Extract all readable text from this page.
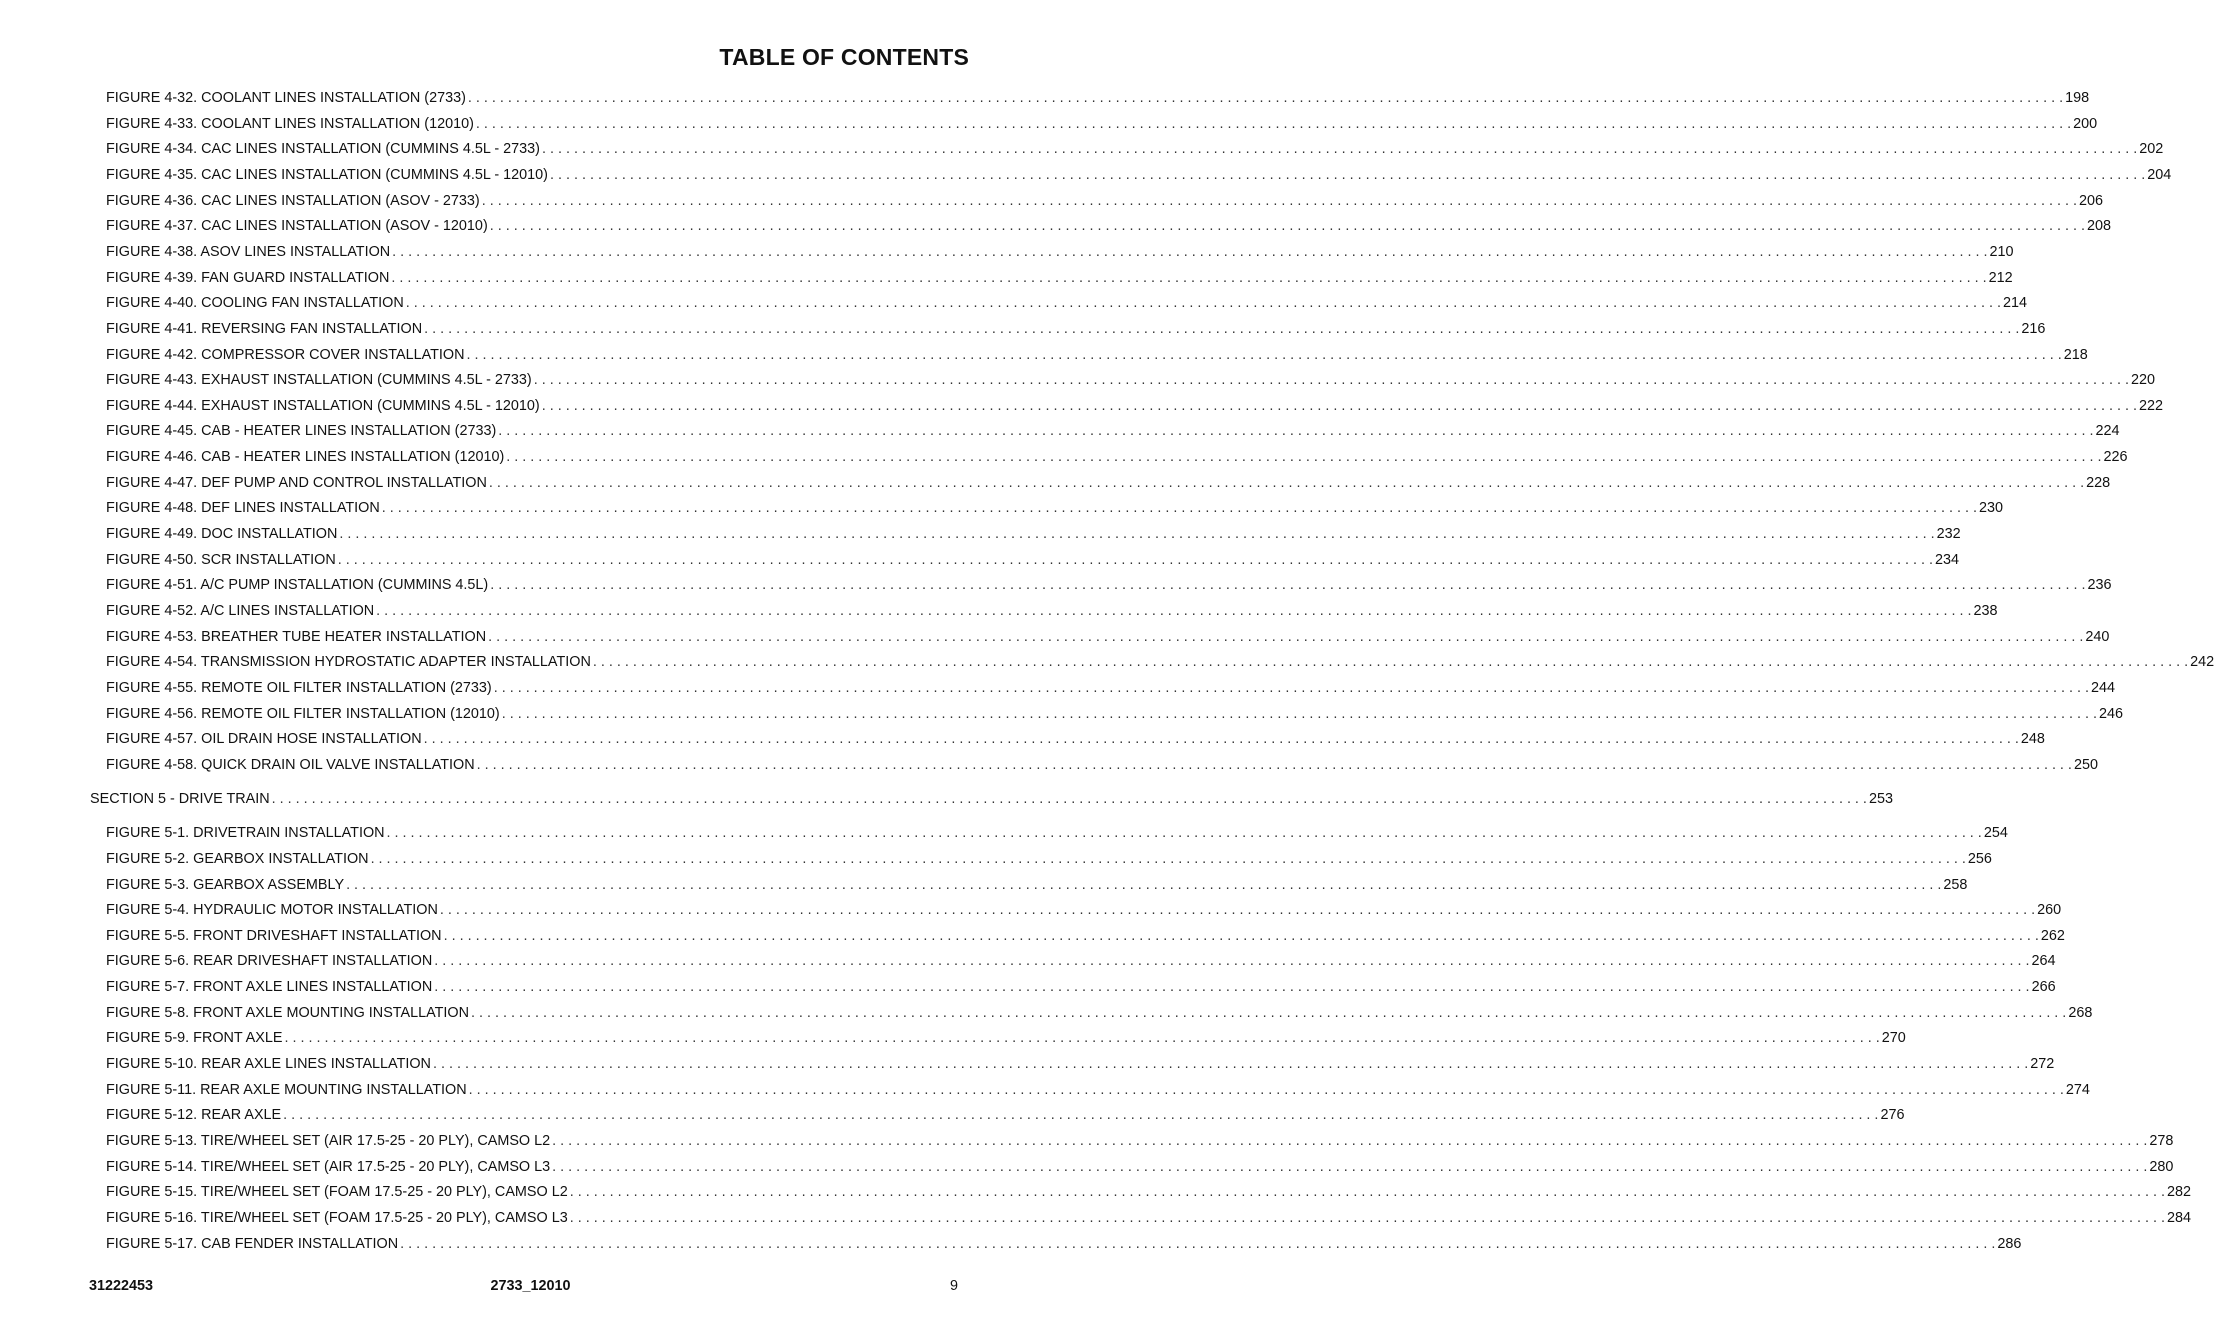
TABLE OF CONTENTS
FIGURE 4-32. COOLANT LINES INSTALLATION (2733) . . . . . . . . . . . . . . . . . . . . . . . . . . . . . . . . . . . . . . . . . . . . . . . . . . . . . . . . . . . . . . . . . . . . . . . . . . . . . . . . . . . . . . . . . . . . . . . . . . . . . . . . . . . . . . . . . . . . . . . . . . . . . . . . . . . . . . . . . . . . . . . . . . . . . . . . . . . . . . . . . . . . . . . . . . . . . . . . . . . . . . . . . . . . . . . . . . . . . . . . 198
FIGURE 4-33. COOLANT LINES INSTALLATION (12010) . . . . . . . . . . . . . . . . . . . . . . . . . . . . . . . . . . . . . . . . . . . . . . . . . . . . . . . . . . . . . . . . . . . . . . . . . . . . . . . . . . . . . . . . . . . . . . . . . . . . . . . . . . . . . . . . . . . . . . . . . . . . . . . . . . . . . . . . . . . . . . . . . . . . . . . . . . . . . . . . . . . . . . . . . . . . . . . . . . . . . . . . . . . . . . . . . . . . . . . . 200
FIGURE 4-34. CAC LINES INSTALLATION (CUMMINS 4.5L - 2733) . . . . . . . . . . . . . . . . . . . . . . . . . . . . . . . . . . . . . . . . . . . . . . . . . . . . . . . . . . . . . . . . . . . . . . . . . . . . . . . . . . . . . . . . . . . . . . . . . . . . . . . . . . . . . . . . . . . . . . . . . . . . . . . . . . . . . . . . . . . . . . . . . . . . . . . . . . . . . . . . . . . . . . . . . . . . . . . . . . . . . . . . . . . . . . . . . . . . . . . . 202
FIGURE 4-35. CAC LINES INSTALLATION (CUMMINS 4.5L - 12010) . . . . . . . . . . . . . . . . . . . . . . . . . . . . . . . . . . . . . . . . . . . . . . . . . . . . . . . . . . . . . . . . . . . . . . . . . . . . . . . . . . . . . . . . . . . . . . . . . . . . . . . . . . . . . . . . . . . . . . . . . . . . . . . . . . . . . . . . . . . . . . . . . . . . . . . . . . . . . . . . . . . . . . . . . . . . . . . . . . . . . . . . . . . . . . . . . . . . . . . . 204
FIGURE 4-36. CAC LINES INSTALLATION (ASOV - 2733) . . . . . . . . . . . . . . . . . . . . . . . . . . . . . . . . . . . . . . . . . . . . . . . . . . . . . . . . . . . . . . . . . . . . . . . . . . . . . . . . . . . . . . . . . . . . . . . . . . . . . . . . . . . . . . . . . . . . . . . . . . . . . . . . . . . . . . . . . . . . . . . . . . . . . . . . . . . . . . . . . . . . . . . . . . . . . . . . . . . . . . . . . . . . . . . . . . . . . . . . 206
FIGURE 4-37. CAC LINES INSTALLATION (ASOV - 12010) . . . . . . . . . . . . . . . . . . . . . . . . . . . . . . . . . . . . . . . . . . . . . . . . . . . . . . . . . . . . . . . . . . . . . . . . . . . . . . . . . . . . . . . . . . . . . . . . . . . . . . . . . . . . . . . . . . . . . . . . . . . . . . . . . . . . . . . . . . . . . . . . . . . . . . . . . . . . . . . . . . . . . . . . . . . . . . . . . . . . . . . . . . . . . . . . . . . . . . . . 208
FIGURE 4-38. ASOV LINES INSTALLATION . . . . . . . . . . . . . . . . . . . . . . . . . . . . . . . . . . . . . . . . . . . . . . . . . . . . . . . . . . . . . . . . . . . . . . . . . . . . . . . . . . . . . . . . . . . . . . . . . . . . . . . . . . . . . . . . . . . . . . . . . . . . . . . . . . . . . . . . . . . . . . . . . . . . . . . . . . . . . . . . . . . . . . . . . . . . . . . . . . . . . . . . . . . . . . . . . . . . . . . . 210
FIGURE 4-39. FAN GUARD INSTALLATION . . . . . . . . . . . . . . . . . . . . . . . . . . . . . . . . . . . . . . . . . . . . . . . . . . . . . . . . . . . . . . . . . . . . . . . . . . . . . . . . . . . . . . . . . . . . . . . . . . . . . . . . . . . . . . . . . . . . . . . . . . . . . . . . . . . . . . . . . . . . . . . . . . . . . . . . . . . . . . . . . . . . . . . . . . . . . . . . . . . . . . . . . . . . . . . . . . . . . . . . 212
FIGURE 4-40. COOLING FAN INSTALLATION . . . . . . . . . . . . . . . . . . . . . . . . . . . . . . . . . . . . . . . . . . . . . . . . . . . . . . . . . . . . . . . . . . . . . . . . . . . . . . . . . . . . . . . . . . . . . . . . . . . . . . . . . . . . . . . . . . . . . . . . . . . . . . . . . . . . . . . . . . . . . . . . . . . . . . . . . . . . . . . . . . . . . . . . . . . . . . . . . . . . . . . . . . . . . . . . . . . . . . . . 214
FIGURE 4-41. REVERSING FAN INSTALLATION . . . . . . . . . . . . . . . . . . . . . . . . . . . . . . . . . . . . . . . . . . . . . . . . . . . . . . . . . . . . . . . . . . . . . . . . . . . . . . . . . . . . . . . . . . . . . . . . . . . . . . . . . . . . . . . . . . . . . . . . . . . . . . . . . . . . . . . . . . . . . . . . . . . . . . . . . . . . . . . . . . . . . . . . . . . . . . . . . . . . . . . . . . . . . . . . . . . . . . . . 216
FIGURE 4-42. COMPRESSOR COVER INSTALLATION . . . . . . . . . . . . . . . . . . . . . . . . . . . . . . . . . . . . . . . . . . . . . . . . . . . . . . . . . . . . . . . . . . . . . . . . . . . . . . . . . . . . . . . . . . . . . . . . . . . . . . . . . . . . . . . . . . . . . . . . . . . . . . . . . . . . . . . . . . . . . . . . . . . . . . . . . . . . . . . . . . . . . . . . . . . . . . . . . . . . . . . . . . . . . . . . . . . . . . . . 218
FIGURE 4-43. EXHAUST INSTALLATION (CUMMINS 4.5L - 2733) . . . . . . . . . . . . . . . . . . . . . . . . . . . . . . . . . . . . . . . . . . . . . . . . . . . . . . . . . . . . . . . . . . . . . . . . . . . . . . . . . . . . . . . . . . . . . . . . . . . . . . . . . . . . . . . . . . . . . . . . . . . . . . . . . . . . . . . . . . . . . . . . . . . . . . . . . . . . . . . . . . . . . . . . . . . . . . . . . . . . . . . . . . . . . . . . . . . . . . . . 220
FIGURE 4-44. EXHAUST INSTALLATION (CUMMINS 4.5L - 12010) . . . . . . . . . . . . . . . . . . . . . . . . . . . . . . . . . . . . . . . . . . . . . . . . . . . . . . . . . . . . . . . . . . . . . . . . . . . . . . . . . . . . . . . . . . . . . . . . . . . . . . . . . . . . . . . . . . . . . . . . . . . . . . . . . . . . . . . . . . . . . . . . . . . . . . . . . . . . . . . . . . . . . . . . . . . . . . . . . . . . . . . . . . . . . . . . . . . . . . . . 222
FIGURE 4-45. CAB - HEATER LINES INSTALLATION (2733) . . . . . . . . . . . . . . . . . . . . . . . . . . . . . . . . . . . . . . . . . . . . . . . . . . . . . . . . . . . . . . . . . . . . . . . . . . . . . . . . . . . . . . . . . . . . . . . . . . . . . . . . . . . . . . . . . . . . . . . . . . . . . . . . . . . . . . . . . . . . . . . . . . . . . . . . . . . . . . . . . . . . . . . . . . . . . . . . . . . . . . . . . . . . . . . . . . . . . . . . 224
FIGURE 4-46. CAB - HEATER LINES INSTALLATION (12010) . . . . . . . . . . . . . . . . . . . . . . . . . . . . . . . . . . . . . . . . . . . . . . . . . . . . . . . . . . . . . . . . . . . . . . . . . . . . . . . . . . . . . . . . . . . . . . . . . . . . . . . . . . . . . . . . . . . . . . . . . . . . . . . . . . . . . . . . . . . . . . . . . . . . . . . . . . . . . . . . . . . . . . . . . . . . . . . . . . . . . . . . . . . . . . . . . . . . . . . . 226
FIGURE 4-47. DEF PUMP AND CONTROL INSTALLATION . . . . . . . . . . . . . . . . . . . . . . . . . . . . . . . . . . . . . . . . . . . . . . . . . . . . . . . . . . . . . . . . . . . . . . . . . . . . . . . . . . . . . . . . . . . . . . . . . . . . . . . . . . . . . . . . . . . . . . . . . . . . . . . . . . . . . . . . . . . . . . . . . . . . . . . . . . . . . . . . . . . . . . . . . . . . . . . . . . . . . . . . . . . . . . . . . . . . . . . . 228
FIGURE 4-48. DEF LINES INSTALLATION . . . . . . . . . . . . . . . . . . . . . . . . . . . . . . . . . . . . . . . . . . . . . . . . . . . . . . . . . . . . . . . . . . . . . . . . . . . . . . . . . . . . . . . . . . . . . . . . . . . . . . . . . . . . . . . . . . . . . . . . . . . . . . . . . . . . . . . . . . . . . . . . . . . . . . . . . . . . . . . . . . . . . . . . . . . . . . . . . . . . . . . . . . . . . . . . . . . . . . . . 230
FIGURE 4-49. DOC INSTALLATION . . . . . . . . . . . . . . . . . . . . . . . . . . . . . . . . . . . . . . . . . . . . . . . . . . . . . . . . . . . . . . . . . . . . . . . . . . . . . . . . . . . . . . . . . . . . . . . . . . . . . . . . . . . . . . . . . . . . . . . . . . . . . . . . . . . . . . . . . . . . . . . . . . . . . . . . . . . . . . . . . . . . . . . . . . . . . . . . . . . . . . . . . . . . . . . . . . . . . . . . 232
FIGURE 4-50. SCR INSTALLATION . . . . . . . . . . . . . . . . . . . . . . . . . . . . . . . . . . . . . . . . . . . . . . . . . . . . . . . . . . . . . . . . . . . . . . . . . . . . . . . . . . . . . . . . . . . . . . . . . . . . . . . . . . . . . . . . . . . . . . . . . . . . . . . . . . . . . . . . . . . . . . . . . . . . . . . . . . . . . . . . . . . . . . . . . . . . . . . . . . . . . . . . . . . . . . . . . . . . . . . . 234
FIGURE 4-51. A/C PUMP INSTALLATION (CUMMINS 4.5L) . . . . . . . . . . . . . . . . . . . . . . . . . . . . . . . . . . . . . . . . . . . . . . . . . . . . . . . . . . . . . . . . . . . . . . . . . . . . . . . . . . . . . . . . . . . . . . . . . . . . . . . . . . . . . . . . . . . . . . . . . . . . . . . . . . . . . . . . . . . . . . . . . . . . . . . . . . . . . . . . . . . . . . . . . . . . . . . . . . . . . . . . . . . . . . . . . . . . . . . . 236
FIGURE 4-52. A/C LINES INSTALLATION . . . . . . . . . . . . . . . . . . . . . . . . . . . . . . . . . . . . . . . . . . . . . . . . . . . . . . . . . . . . . . . . . . . . . . . . . . . . . . . . . . . . . . . . . . . . . . . . . . . . . . . . . . . . . . . . . . . . . . . . . . . . . . . . . . . . . . . . . . . . . . . . . . . . . . . . . . . . . . . . . . . . . . . . . . . . . . . . . . . . . . . . . . . . . . . . . . . . . . . . 238
FIGURE 4-53. BREATHER TUBE HEATER INSTALLATION . . . . . . . . . . . . . . . . . . . . . . . . . . . . . . . . . . . . . . . . . . . . . . . . . . . . . . . . . . . . . . . . . . . . . . . . . . . . . . . . . . . . . . . . . . . . . . . . . . . . . . . . . . . . . . . . . . . . . . . . . . . . . . . . . . . . . . . . . . . . . . . . . . . . . . . . . . . . . . . . . . . . . . . . . . . . . . . . . . . . . . . . . . . . . . . . . . . . . . . . 240
FIGURE 4-54. TRANSMISSION HYDROSTATIC ADAPTER INSTALLATION . . . . . . . . . . . . . . . . . . . . . . . . . . . . . . . . . . . . . . . . . . . . . . . . . . . . . . . . . . . . . . . . . . . . . . . . . . . . . . . . . . . . . . . . . . . . . . . . . . . . . . . . . . . . . . . . . . . . . . . . . . . . . . . . . . . . . . . . . . . . . . . . . . . . . . . . . . . . . . . . . . . . . . . . . . . . . . . . . . . . . . . . . . . . . . . . . . . . . . . . 242
FIGURE 4-55. REMOTE OIL FILTER INSTALLATION (2733) . . . . . . . . . . . . . . . . . . . . . . . . . . . . . . . . . . . . . . . . . . . . . . . . . . . . . . . . . . . . . . . . . . . . . . . . . . . . . . . . . . . . . . . . . . . . . . . . . . . . . . . . . . . . . . . . . . . . . . . . . . . . . . . . . . . . . . . . . . . . . . . . . . . . . . . . . . . . . . . . . . . . . . . . . . . . . . . . . . . . . . . . . . . . . . . . . . . . . . . . 244
FIGURE 4-56. REMOTE OIL FILTER INSTALLATION (12010) . . . . . . . . . . . . . . . . . . . . . . . . . . . . . . . . . . . . . . . . . . . . . . . . . . . . . . . . . . . . . . . . . . . . . . . . . . . . . . . . . . . . . . . . . . . . . . . . . . . . . . . . . . . . . . . . . . . . . . . . . . . . . . . . . . . . . . . . . . . . . . . . . . . . . . . . . . . . . . . . . . . . . . . . . . . . . . . . . . . . . . . . . . . . . . . . . . . . . . . . 246
FIGURE 4-57. OIL DRAIN HOSE INSTALLATION . . . . . . . . . . . . . . . . . . . . . . . . . . . . . . . . . . . . . . . . . . . . . . . . . . . . . . . . . . . . . . . . . . . . . . . . . . . . . . . . . . . . . . . . . . . . . . . . . . . . . . . . . . . . . . . . . . . . . . . . . . . . . . . . . . . . . . . . . . . . . . . . . . . . . . . . . . . . . . . . . . . . . . . . . . . . . . . . . . . . . . . . . . . . . . . . . . . . . . . . 248
FIGURE 4-58. QUICK DRAIN OIL VALVE INSTALLATION . . . . . . . . . . . . . . . . . . . . . . . . . . . . . . . . . . . . . . . . . . . . . . . . . . . . . . . . . . . . . . . . . . . . . . . . . . . . . . . . . . . . . . . . . . . . . . . . . . . . . . . . . . . . . . . . . . . . . . . . . . . . . . . . . . . . . . . . . . . . . . . . . . . . . . . . . . . . . . . . . . . . . . . . . . . . . . . . . . . . . . . . . . . . . . . . . . . . . . . . 250
SECTION 5 - DRIVE TRAIN . . . . . . . . . . . . . . . . . . . . . . . . . . . . . . . . . . . . . . . . . . . . . . . . . . . . . . . . . . . . . . . . . . . . . . . . . . . . . . . . . . . . . . . . . . . . . . . . . . . . . . . . . . . . . . . . . . . . . . . . . . . . . . . . . . . . . . . . . . . . . . . . . . . . . . . . . . . . . . . . . . . . . . . . . . . . . . . . . . . . . . . . . . . . . . . . . . . . . . . . 253
FIGURE 5-1. DRIVETRAIN INSTALLATION . . . . . . . . . . . . . . . . . . . . . . . . . . . . . . . . . . . . . . . . . . . . . . . . . . . . . . . . . . . . . . . . . . . . . . . . . . . . . . . . . . . . . . . . . . . . . . . . . . . . . . . . . . . . . . . . . . . . . . . . . . . . . . . . . . . . . . . . . . . . . . . . . . . . . . . . . . . . . . . . . . . . . . . . . . . . . . . . . . . . . . . . . . . . . . . . . . . . . . . . 254
FIGURE 5-2. GEARBOX INSTALLATION . . . . . . . . . . . . . . . . . . . . . . . . . . . . . . . . . . . . . . . . . . . . . . . . . . . . . . . . . . . . . . . . . . . . . . . . . . . . . . . . . . . . . . . . . . . . . . . . . . . . . . . . . . . . . . . . . . . . . . . . . . . . . . . . . . . . . . . . . . . . . . . . . . . . . . . . . . . . . . . . . . . . . . . . . . . . . . . . . . . . . . . . . . . . . . . . . . . . . . . . 256
FIGURE 5-3. GEARBOX ASSEMBLY . . . . . . . . . . . . . . . . . . . . . . . . . . . . . . . . . . . . . . . . . . . . . . . . . . . . . . . . . . . . . . . . . . . . . . . . . . . . . . . . . . . . . . . . . . . . . . . . . . . . . . . . . . . . . . . . . . . . . . . . . . . . . . . . . . . . . . . . . . . . . . . . . . . . . . . . . . . . . . . . . . . . . . . . . . . . . . . . . . . . . . . . . . . . . . . . . . . . . . . . 258
FIGURE 5-4. HYDRAULIC MOTOR INSTALLATION . . . . . . . . . . . . . . . . . . . . . . . . . . . . . . . . . . . . . . . . . . . . . . . . . . . . . . . . . . . . . . . . . . . . . . . . . . . . . . . . . . . . . . . . . . . . . . . . . . . . . . . . . . . . . . . . . . . . . . . . . . . . . . . . . . . . . . . . . . . . . . . . . . . . . . . . . . . . . . . . . . . . . . . . . . . . . . . . . . . . . . . . . . . . . . . . . . . . . . . . 260
FIGURE 5-5. FRONT DRIVESHAFT INSTALLATION . . . . . . . . . . . . . . . . . . . . . . . . . . . . . . . . . . . . . . . . . . . . . . . . . . . . . . . . . . . . . . . . . . . . . . . . . . . . . . . . . . . . . . . . . . . . . . . . . . . . . . . . . . . . . . . . . . . . . . . . . . . . . . . . . . . . . . . . . . . . . . . . . . . . . . . . . . . . . . . . . . . . . . . . . . . . . . . . . . . . . . . . . . . . . . . . . . . . . . . . 262
FIGURE 5-6. REAR DRIVESHAFT INSTALLATION . . . . . . . . . . . . . . . . . . . . . . . . . . . . . . . . . . . . . . . . . . . . . . . . . . . . . . . . . . . . . . . . . . . . . . . . . . . . . . . . . . . . . . . . . . . . . . . . . . . . . . . . . . . . . . . . . . . . . . . . . . . . . . . . . . . . . . . . . . . . . . . . . . . . . . . . . . . . . . . . . . . . . . . . . . . . . . . . . . . . . . . . . . . . . . . . . . . . . . . . 264
FIGURE 5-7. FRONT AXLE LINES INSTALLATION . . . . . . . . . . . . . . . . . . . . . . . . . . . . . . . . . . . . . . . . . . . . . . . . . . . . . . . . . . . . . . . . . . . . . . . . . . . . . . . . . . . . . . . . . . . . . . . . . . . . . . . . . . . . . . . . . . . . . . . . . . . . . . . . . . . . . . . . . . . . . . . . . . . . . . . . . . . . . . . . . . . . . . . . . . . . . . . . . . . . . . . . . . . . . . . . . . . . . . . . 266
FIGURE 5-8. FRONT AXLE MOUNTING INSTALLATION . . . . . . . . . . . . . . . . . . . . . . . . . . . . . . . . . . . . . . . . . . . . . . . . . . . . . . . . . . . . . . . . . . . . . . . . . . . . . . . . . . . . . . . . . . . . . . . . . . . . . . . . . . . . . . . . . . . . . . . . . . . . . . . . . . . . . . . . . . . . . . . . . . . . . . . . . . . . . . . . . . . . . . . . . . . . . . . . . . . . . . . . . . . . . . . . . . . . . . . . 268
FIGURE 5-9. FRONT AXLE . . . . . . . . . . . . . . . . . . . . . . . . . . . . . . . . . . . . . . . . . . . . . . . . . . . . . . . . . . . . . . . . . . . . . . . . . . . . . . . . . . . . . . . . . . . . . . . . . . . . . . . . . . . . . . . . . . . . . . . . . . . . . . . . . . . . . . . . . . . . . . . . . . . . . . . . . . . . . . . . . . . . . . . . . . . . . . . . . . . . . . . . . . . . . . . . . . . . . . . . 270
FIGURE 5-10. REAR AXLE LINES INSTALLATION . . . . . . . . . . . . . . . . . . . . . . . . . . . . . . . . . . . . . . . . . . . . . . . . . . . . . . . . . . . . . . . . . . . . . . . . . . . . . . . . . . . . . . . . . . . . . . . . . . . . . . . . . . . . . . . . . . . . . . . . . . . . . . . . . . . . . . . . . . . . . . . . . . . . . . . . . . . . . . . . . . . . . . . . . . . . . . . . . . . . . . . . . . . . . . . . . . . . . . . . 272
FIGURE 5-11. REAR AXLE MOUNTING INSTALLATION . . . . . . . . . . . . . . . . . . . . . . . . . . . . . . . . . . . . . . . . . . . . . . . . . . . . . . . . . . . . . . . . . . . . . . . . . . . . . . . . . . . . . . . . . . . . . . . . . . . . . . . . . . . . . . . . . . . . . . . . . . . . . . . . . . . . . . . . . . . . . . . . . . . . . . . . . . . . . . . . . . . . . . . . . . . . . . . . . . . . . . . . . . . . . . . . . . . . . . . . 274
FIGURE 5-12. REAR AXLE . . . . . . . . . . . . . . . . . . . . . . . . . . . . . . . . . . . . . . . . . . . . . . . . . . . . . . . . . . . . . . . . . . . . . . . . . . . . . . . . . . . . . . . . . . . . . . . . . . . . . . . . . . . . . . . . . . . . . . . . . . . . . . . . . . . . . . . . . . . . . . . . . . . . . . . . . . . . . . . . . . . . . . . . . . . . . . . . . . . . . . . . . . . . . . . . . . . . . . . . 276
FIGURE 5-13. TIRE/WHEEL SET (AIR 17.5-25 - 20 PLY), CAMSO L2 . . . . . . . . . . . . . . . . . . . . . . . . . . . . . . . . . . . . . . . . . . . . . . . . . . . . . . . . . . . . . . . . . . . . . . . . . . . . . . . . . . . . . . . . . . . . . . . . . . . . . . . . . . . . . . . . . . . . . . . . . . . . . . . . . . . . . . . . . . . . . . . . . . . . . . . . . . . . . . . . . . . . . . . . . . . . . . . . . . . . . . . . . . . . . . . . . . . . . . . . 278
FIGURE 5-14. TIRE/WHEEL SET (AIR 17.5-25 - 20 PLY), CAMSO L3 . . . . . . . . . . . . . . . . . . . . . . . . . . . . . . . . . . . . . . . . . . . . . . . . . . . . . . . . . . . . . . . . . . . . . . . . . . . . . . . . . . . . . . . . . . . . . . . . . . . . . . . . . . . . . . . . . . . . . . . . . . . . . . . . . . . . . . . . . . . . . . . . . . . . . . . . . . . . . . . . . . . . . . . . . . . . . . . . . . . . . . . . . . . . . . . . . . . . . . . . 280
FIGURE 5-15. TIRE/WHEEL SET (FOAM 17.5-25 - 20 PLY), CAMSO L2 . . . . . . . . . . . . . . . . . . . . . . . . . . . . . . . . . . . . . . . . . . . . . . . . . . . . . . . . . . . . . . . . . . . . . . . . . . . . . . . . . . . . . . . . . . . . . . . . . . . . . . . . . . . . . . . . . . . . . . . . . . . . . . . . . . . . . . . . . . . . . . . . . . . . . . . . . . . . . . . . . . . . . . . . . . . . . . . . . . . . . . . . . . . . . . . . . . . . . . . . 282
FIGURE 5-16. TIRE/WHEEL SET (FOAM 17.5-25 - 20 PLY), CAMSO L3 . . . . . . . . . . . . . . . . . . . . . . . . . . . . . . . . . . . . . . . . . . . . . . . . . . . . . . . . . . . . . . . . . . . . . . . . . . . . . . . . . . . . . . . . . . . . . . . . . . . . . . . . . . . . . . . . . . . . . . . . . . . . . . . . . . . . . . . . . . . . . . . . . . . . . . . . . . . . . . . . . . . . . . . . . . . . . . . . . . . . . . . . . . . . . . . . . . . . . . . . 284
FIGURE 5-17. CAB FENDER INSTALLATION . . . . . . . . . . . . . . . . . . . . . . . . . . . . . . . . . . . . . . . . . . . . . . . . . . . . . . . . . . . . . . . . . . . . . . . . . . . . . . . . . . . . . . . . . . . . . . . . . . . . . . . . . . . . . . . . . . . . . . . . . . . . . . . . . . . . . . . . . . . . . . . . . . . . . . . . . . . . . . . . . . . . . . . . . . . . . . . . . . . . . . . . . . . . . . . . . . . . . . . . 286
31222453	2733_12010	9
